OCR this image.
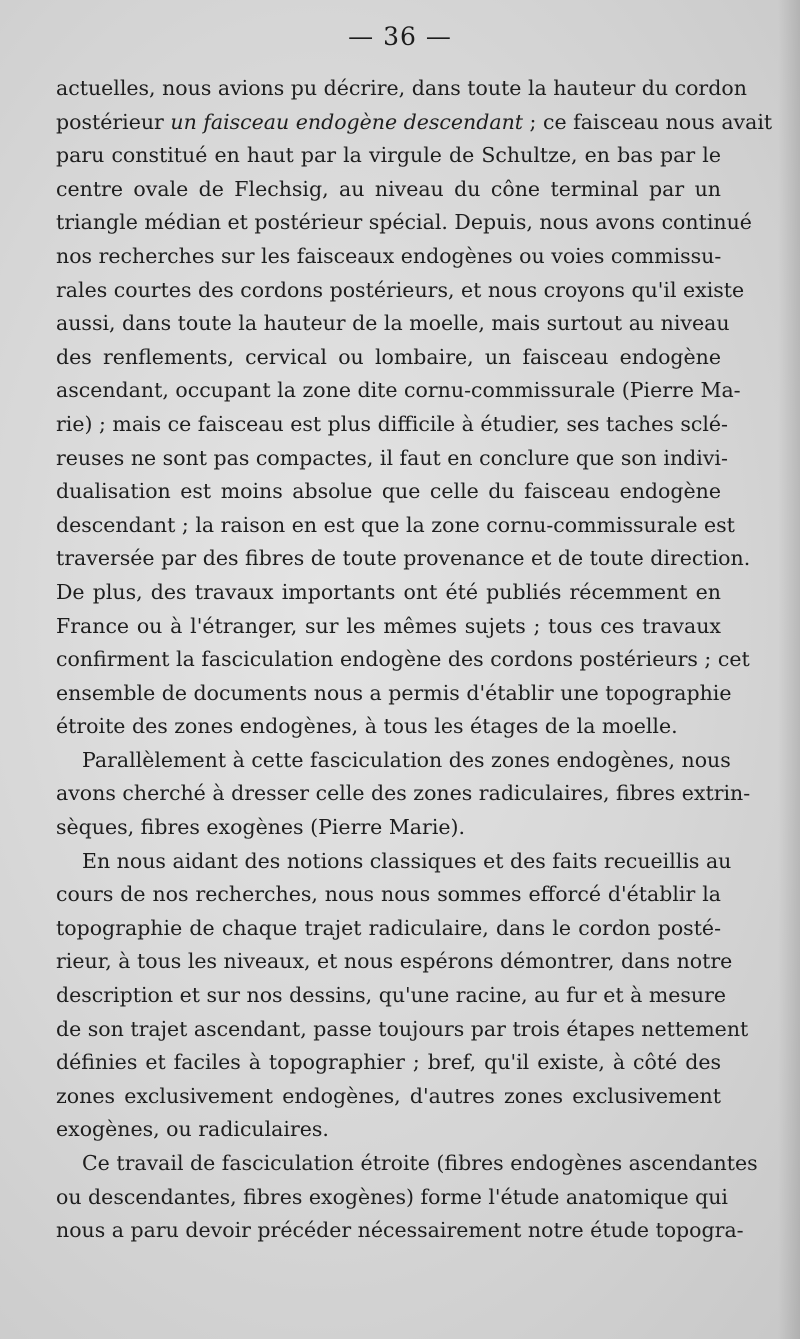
— 36 —
actuelles, nous avions pu décrire, dans toute la hauteur du cordon
postérieur un faisceau endogène descendant ; ce faisceau nous avait
paru constitué en haut par la virgule de Schultze, en bas par le
centre ovale de Flechsig, au niveau du cône terminal par un
triangle médian et postérieur spécial. Depuis, nous avons continué
nos recherches sur les faisceaux endogènes ou voies commissu-
rales courtes des cordons postérieurs, et nous croyons qu'il existe
aussi, dans toute la hauteur de la moelle, mais surtout au niveau
des renflements, cervical ou lombaire, un faisceau endogène
ascendant, occupant la zone dite cornu-commissurale (Pierre Ma-
rie) ; mais ce faisceau est plus difficile à étudier, ses taches sclé-
reuses ne sont pas compactes, il faut en conclure que son indivi-
dualisation est moins absolue que celle du faisceau endogène
descendant ; la raison en est que la zone cornu-commissurale est
traversée par des fibres de toute provenance et de toute direction.
De plus, des travaux importants ont été publiés récemment en
France ou à l'étranger, sur les mêmes sujets ; tous ces travaux
confirment la fasciculation endogène des cordons postérieurs ; cet
ensemble de documents nous a permis d'établir une topographie
étroite des zones endogènes, à tous les étages de la moelle.
Parallèlement à cette fasciculation des zones endogènes, nous
avons cherché à dresser celle des zones radiculaires, fibres extrin-
sèques, fibres exogènes (Pierre Marie).
En nous aidant des notions classiques et des faits recueillis au
cours de nos recherches, nous nous sommes efforcé d'établir la
topographie de chaque trajet radiculaire, dans le cordon posté-
rieur, à tous les niveaux, et nous espérons démontrer, dans notre
description et sur nos dessins, qu'une racine, au fur et à mesure
de son trajet ascendant, passe toujours par trois étapes nettement
définies et faciles à topographier ; bref, qu'il existe, à côté des
zones exclusivement endogènes, d'autres zones exclusivement
exogènes, ou radiculaires.
Ce travail de fasciculation étroite (fibres endogènes ascendantes
ou descendantes, fibres exogènes) forme l'étude anatomique qui
nous a paru devoir précéder nécessairement notre étude topogra-
